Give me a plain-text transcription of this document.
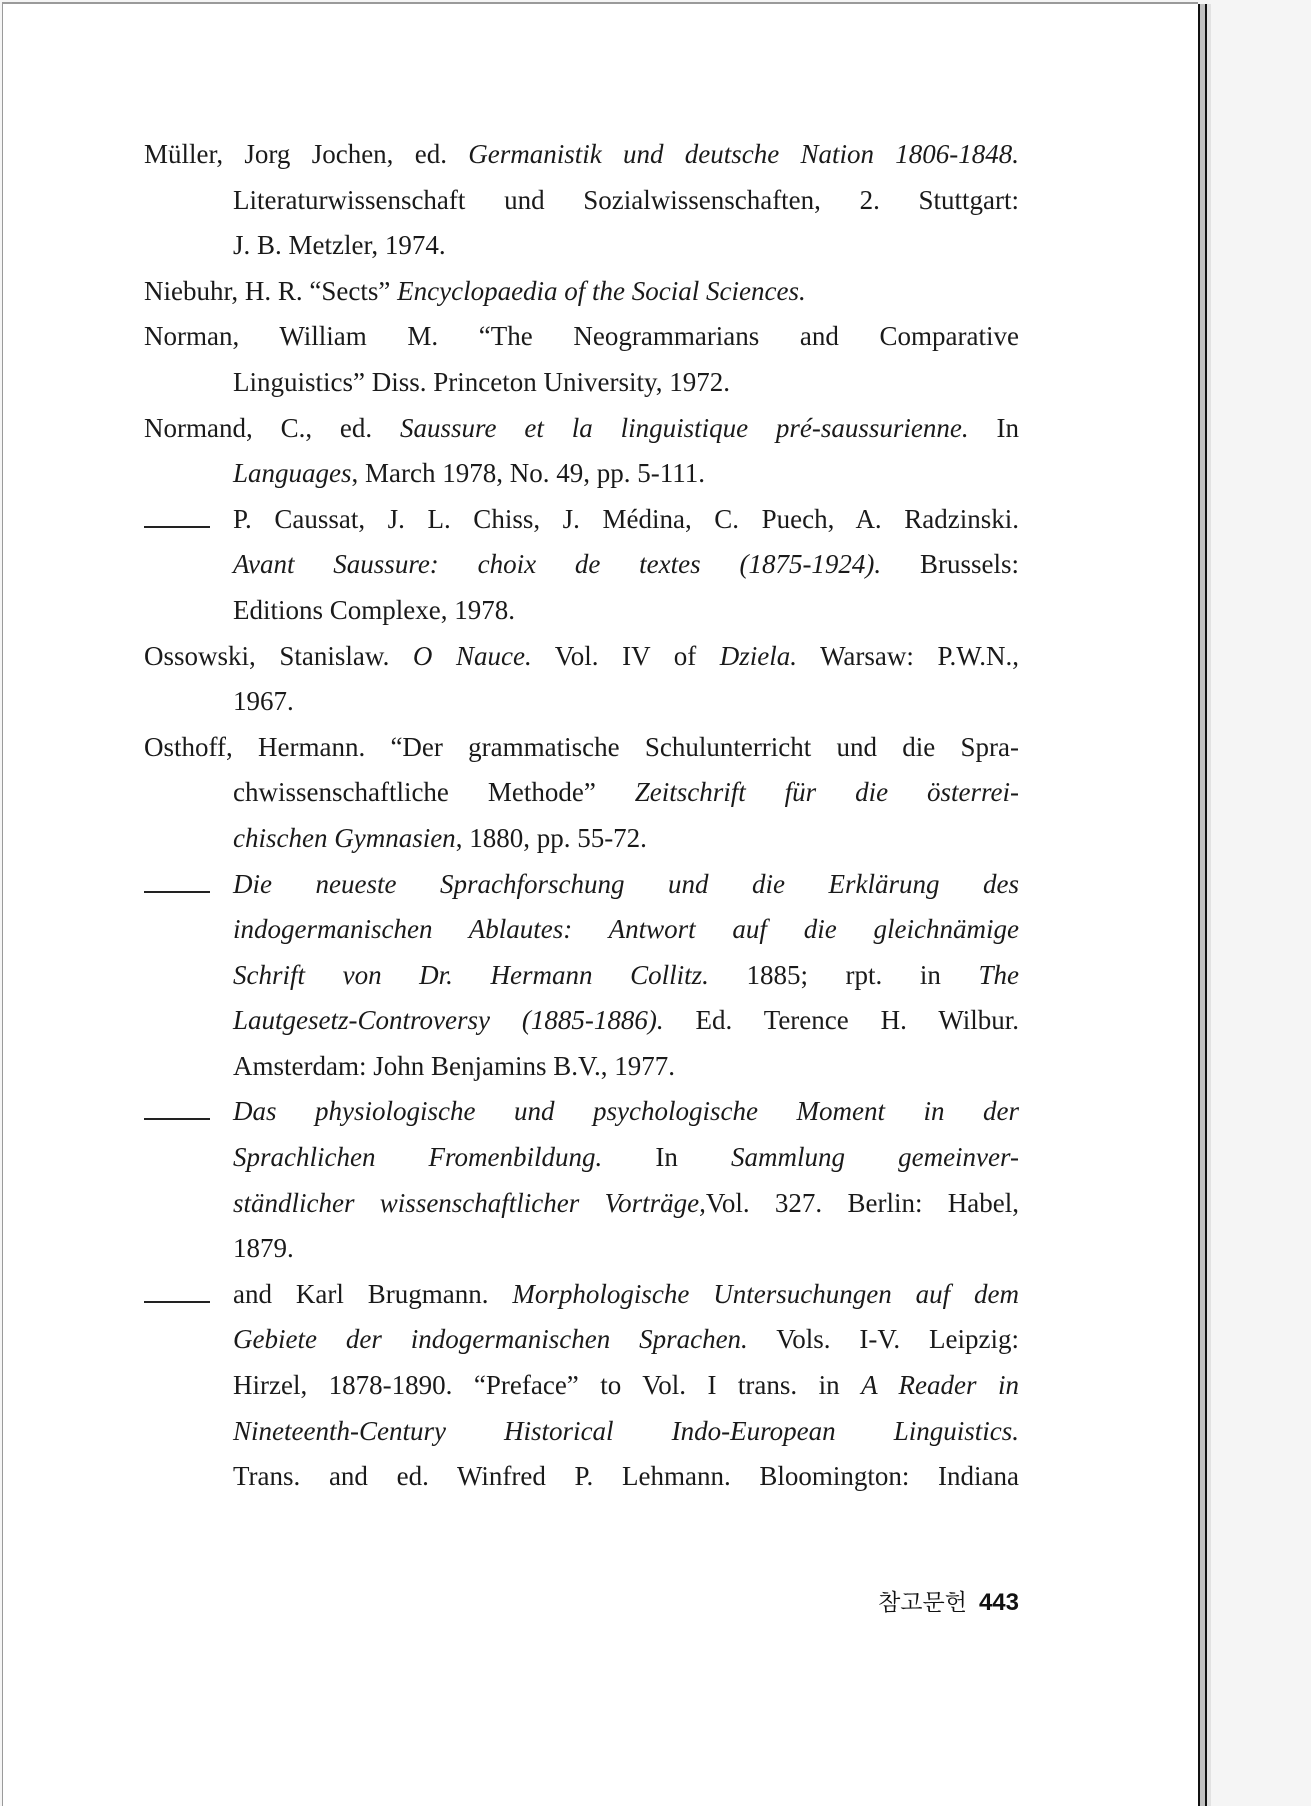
Müller, Jorg Jochen, ed. Germanistik und deutsche Nation 1806-1848.
Literaturwissenschaft und Sozialwissenschaften, 2. Stuttgart:
J. B. Metzler, 1974.
Niebuhr, H. R. “Sects” Encyclopaedia of the Social Sciences.
Norman, William M. “The Neogrammarians and Comparative
Linguistics” Diss. Princeton University, 1972.
Normand, C., ed. Saussure et la linguistique pré-saussurienne. In
Languages, March 1978, No. 49, pp. 5-111.
P. Caussat, J. L. Chiss, J. Médina, C. Puech, A. Radzinski.
Avant Saussure: choix de textes (1875-1924). Brussels:
Editions Complexe, 1978.
Ossowski, Stanislaw. O Nauce. Vol. IV of Dziela. Warsaw: P.W.N.,
1967.
Osthoff, Hermann. “Der grammatische Schulunterricht und die Spra-
chwissenschaftliche Methode” Zeitschrift für die österrei-
chischen Gymnasien, 1880, pp. 55-72.
Die neueste Sprachforschung und die Erklärung des
indogermanischen Ablautes: Antwort auf die gleichnämige
Schrift von Dr. Hermann Collitz. 1885; rpt. in The
Lautgesetz-Controversy (1885-1886). Ed. Terence H. Wilbur.
Amsterdam: John Benjamins B.V., 1977.
Das physiologische und psychologische Moment in der
Sprachlichen Fromenbildung. In Sammlung gemeinver-
ständlicher wissenschaftlicher Vorträge,Vol. 327. Berlin: Habel,
1879.
and Karl Brugmann. Morphologische Untersuchungen auf dem
Gebiete der indogermanischen Sprachen. Vols. I-V. Leipzig:
Hirzel, 1878-1890. “Preface” to Vol. I trans. in A Reader in
Nineteenth-Century Historical Indo-European Linguistics.
Trans. and ed. Winfred P. Lehmann. Bloomington: Indiana
참고문헌 443
